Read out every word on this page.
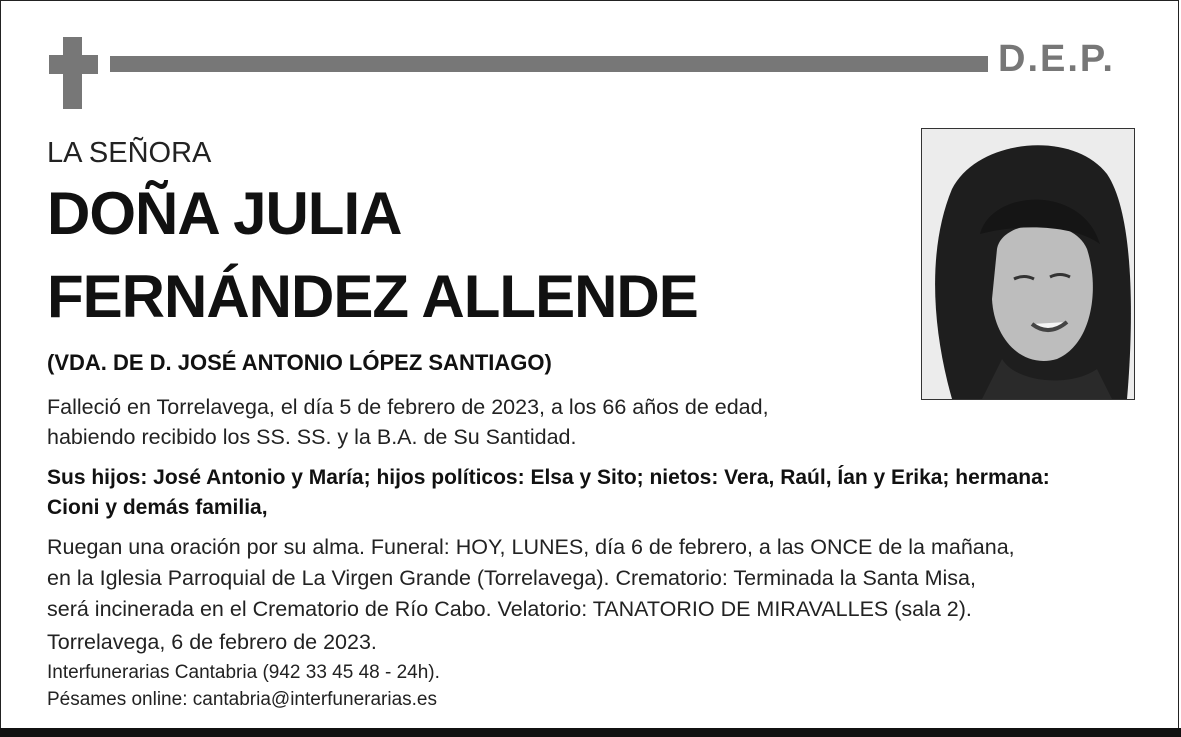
D.E.P.
LA SEÑORA
DOÑA JULIA
FERNÁNDEZ ALLENDE
(VDA. DE D. JOSÉ ANTONIO LÓPEZ SANTIAGO)
Falleció en Torrelavega, el día 5 de febrero de 2023, a los 66 años de edad,
habiendo recibido los SS. SS. y la B.A. de Su Santidad.
Sus hijos: José Antonio y María; hijos políticos: Elsa y Sito; nietos: Vera, Raúl, Ían y Erika; hermana:
Cioni y demás familia,
Ruegan una oración por su alma. Funeral: HOY, LUNES, día 6 de febrero, a las ONCE de la mañana,
en la Iglesia Parroquial de La Virgen Grande (Torrelavega). Crematorio: Terminada la Santa Misa,
será incinerada en el Crematorio de Río Cabo. Velatorio: TANATORIO DE MIRAVALLES (sala 2).
Torrelavega, 6 de febrero de 2023.
Interfunerarias Cantabria (942 33 45 48 - 24h).
Pésames online: cantabria@interfunerarias.es
